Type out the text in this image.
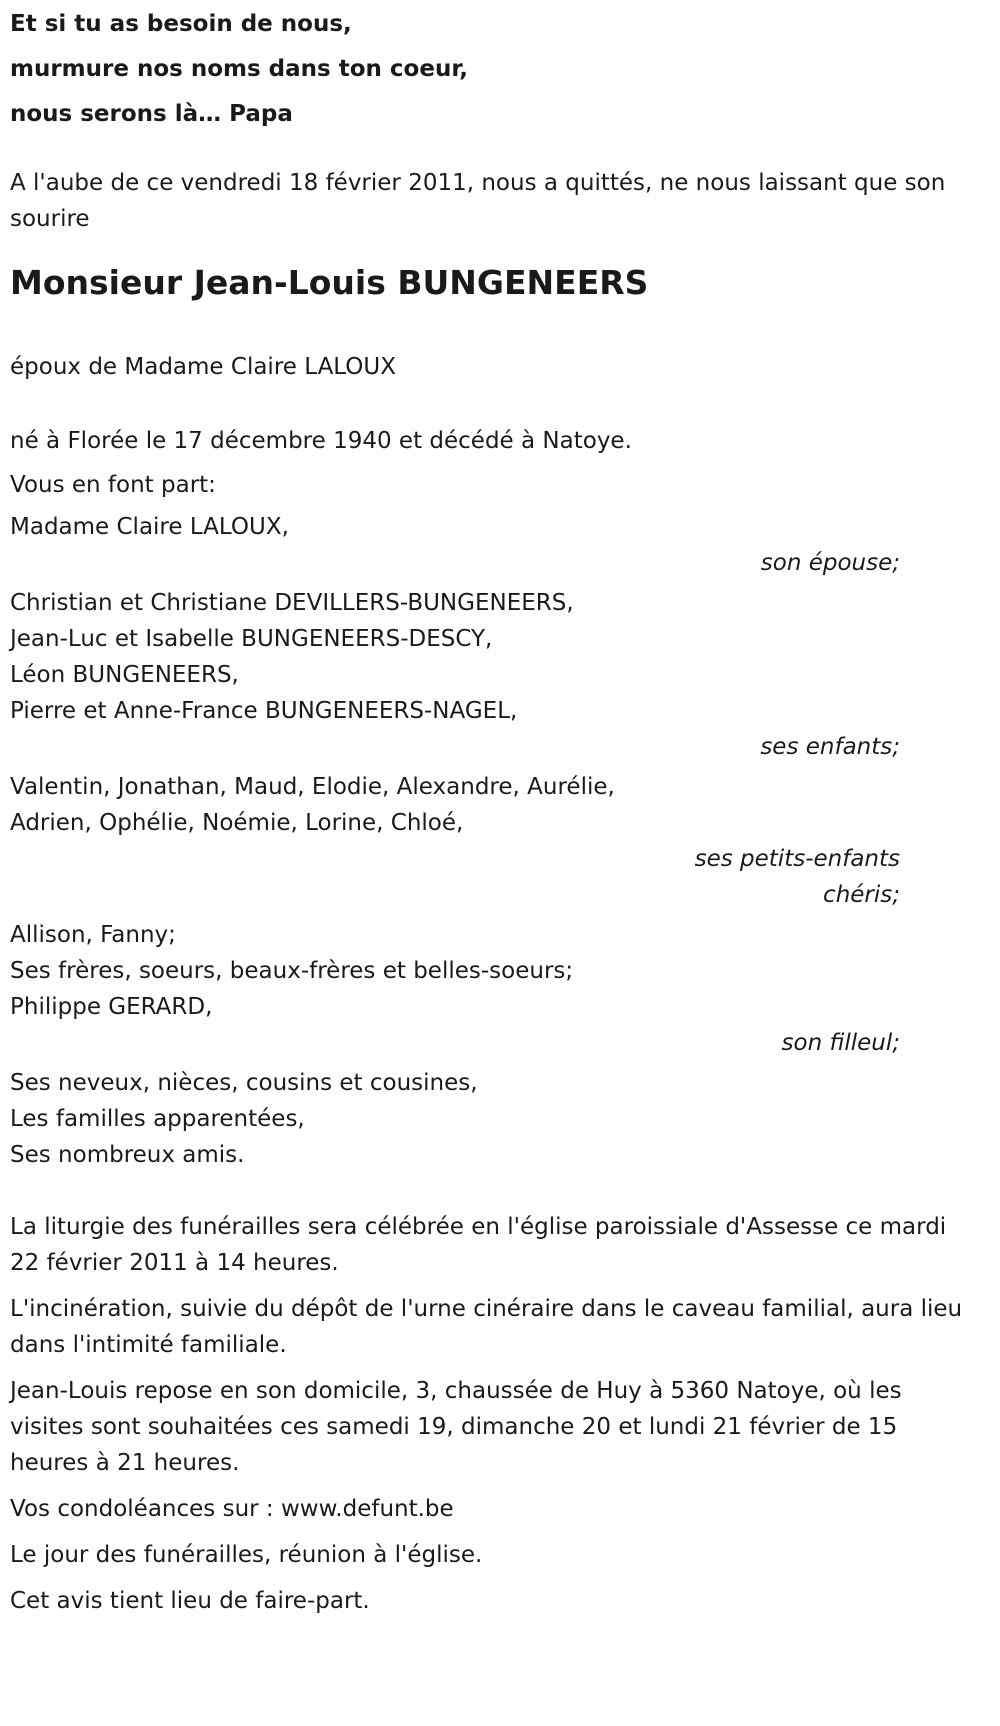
Et si tu as besoin de nous,

murmure nos noms dans ton coeur,

nous serons là… Papa

A l'aube de ce vendredi 18 février 2011, nous a quittés, ne nous laissant que son sourire

Monsieur Jean-Louis BUNGENEERS

époux de Madame Claire LALOUX

né à Florée le 17 décembre 1940 et décédé à Natoye.

Vous en font part:

Madame Claire LALOUX,

son épouse;

Christian et Christiane DEVILLERS-BUNGENEERS,

Jean-Luc et Isabelle BUNGENEERS-DESCY,

Léon BUNGENEERS,

Pierre et Anne-France BUNGENEERS-NAGEL,

ses enfants;

Valentin, Jonathan, Maud, Elodie, Alexandre, Aurélie,

Adrien, Ophélie, Noémie, Lorine, Chloé,

ses petits-enfants

chéris;

Allison, Fanny;

Ses frères, soeurs, beaux-frères et belles-soeurs;

Philippe GERARD,

son filleul;

Ses neveux, nièces, cousins et cousines,

Les familles apparentées,

Ses nombreux amis.

La liturgie des funérailles sera célébrée en l'église paroissiale d'Assesse ce mardi 22 février 2011 à 14 heures.

L'incinération, suivie du dépôt de l'urne cinéraire dans le caveau familial, aura lieu dans l'intimité familiale.

Jean-Louis repose en son domicile, 3, chaussée de Huy à 5360 Natoye, où les visites sont souhaitées ces samedi 19, dimanche 20 et lundi 21 février de 15 heures à 21 heures.

Vos condoléances sur : www.defunt.be

Le jour des funérailles, réunion à l'église.

Cet avis tient lieu de faire-part.
